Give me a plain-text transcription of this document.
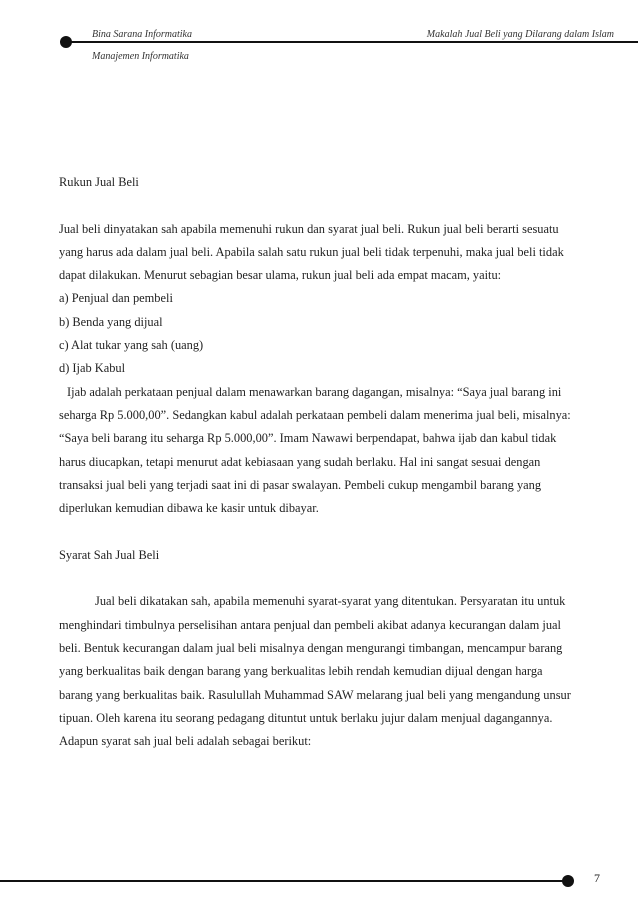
Bina Sarana Informatika
Manajemen Informatika
Makalah Jual Beli yang Dilarang dalam Islam

Rukun Jual Beli

Jual beli dinyatakan sah apabila memenuhi rukun dan syarat jual beli. Rukun jual beli berarti sesuatu

yang harus ada dalam jual beli. Apabila salah satu rukun jual beli tidak terpenuhi, maka jual beli tidak

dapat dilakukan. Menurut sebagian besar ulama, rukun jual beli ada empat macam, yaitu:

a) Penjual dan pembeli

b) Benda yang dijual

c) Alat tukar yang sah (uang)

d) Ijab Kabul

Ijab adalah perkataan penjual dalam menawarkan barang dagangan, misalnya: “Saya jual barang ini

seharga Rp 5.000,00”. Sedangkan kabul adalah perkataan pembeli dalam menerima jual beli, misalnya:

“Saya beli barang itu seharga Rp 5.000,00”. Imam Nawawi berpendapat, bahwa ijab dan kabul tidak

harus diucapkan, tetapi menurut adat kebiasaan yang sudah berlaku. Hal ini sangat sesuai dengan

transaksi jual beli yang terjadi saat ini di pasar swalayan. Pembeli cukup mengambil barang yang

diperlukan kemudian dibawa ke kasir untuk dibayar.

Syarat Sah Jual Beli

Jual beli dikatakan sah, apabila memenuhi syarat-syarat yang ditentukan. Persyaratan itu untuk

menghindari timbulnya perselisihan antara penjual dan pembeli akibat adanya kecurangan dalam jual

beli. Bentuk kecurangan dalam jual beli misalnya dengan mengurangi timbangan, mencampur barang

yang berkualitas baik dengan barang yang berkualitas lebih rendah kemudian dijual dengan harga

barang yang berkualitas baik. Rasulullah Muhammad SAW melarang jual beli yang mengandung unsur

tipuan. Oleh karena itu seorang pedagang dituntut untuk berlaku jujur dalam menjual dagangannya.

Adapun syarat sah jual beli adalah sebagai berikut:

7
